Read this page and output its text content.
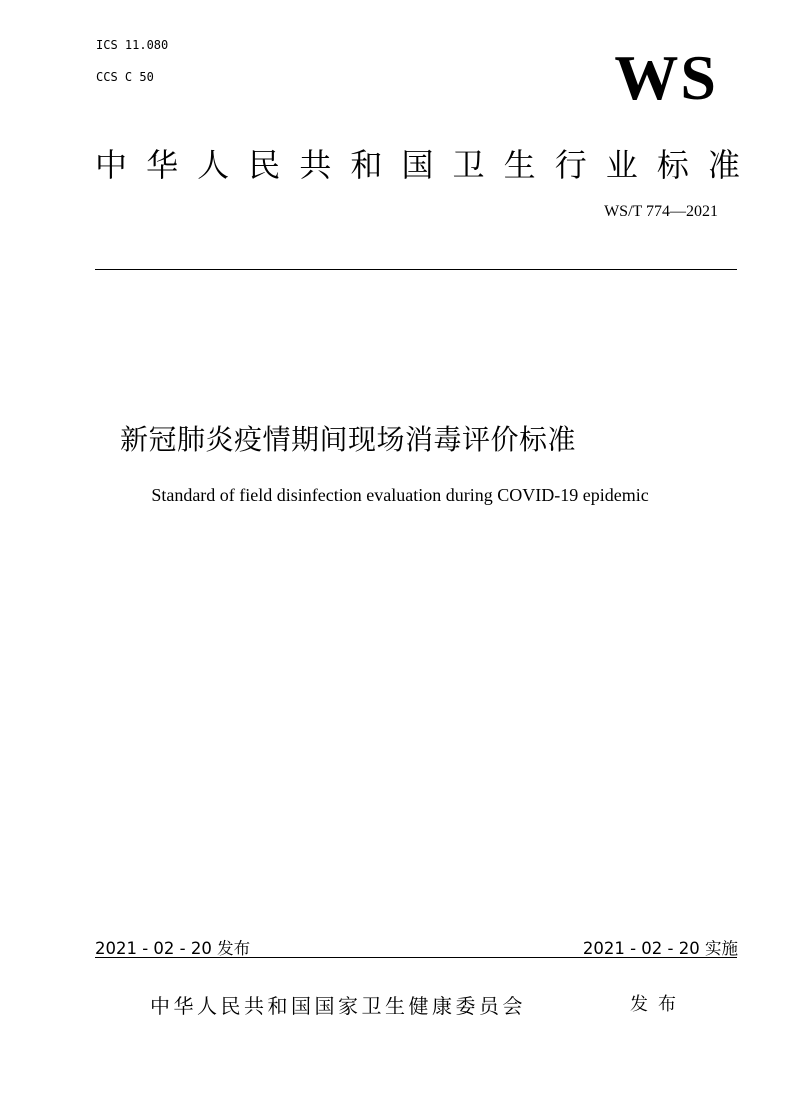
ICS 11.080
CCS C 50	WS
中 华 人 民 共 和 国 卫 生 行 业 标 准
WS/T 774—2021
新冠肺炎疫情期间现场消毒评价标准
Standard of field disinfection evaluation during COVID-19 epidemic
2021 - 02 - 20 发布	2021 - 02 - 20 实施
中华人民共和国国家卫生健康委员会	发布
